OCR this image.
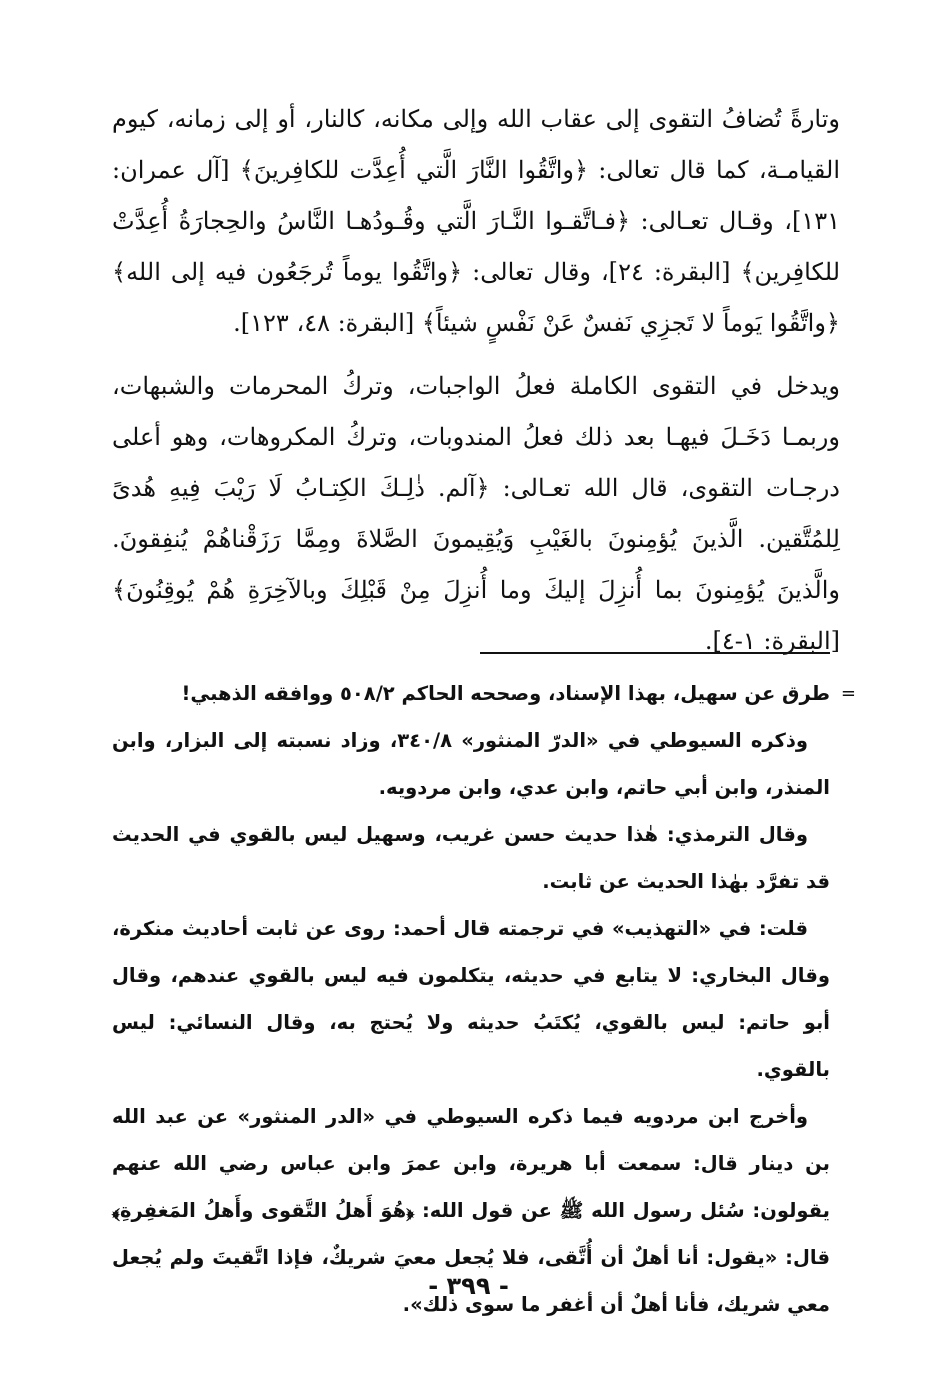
وتارةً تُضافُ التقوى إلى عقاب الله وإلى مكانه، كالنار، أو إلى زمانه، كيوم القيامـة، كما قال تعالى: ﴿واتَّقُوا النَّارَ الَّتي أُعِدَّت للكافِرينَ﴾ [آل عمران: ١٣١]، وقـال تعـالى: ﴿فـاتَّقـوا النَّـارَ الَّتي وقُـودُهـا النَّاسُ والحِجارَةُ أُعِدَّتْ للكافِرين﴾ [البقرة: ٢٤]، وقال تعالى: ﴿واتَّقُوا يوماً تُرجَعُون فيه إلى الله﴾ ﴿واتَّقُوا يَوماً لا تَجزِي نَفسٌ عَنْ نَفْسٍ شيئاً﴾ [البقرة: ٤٨، ١٢٣].

ويدخل في التقوى الكاملة فعلُ الواجبات، وتركُ المحرمات والشبهات، وربمـا دَخَـلَ فيهـا بعد ذلك فعلُ المندوبات، وتركُ المكروهات، وهو أعلى درجـات التقوى، قال الله تعـالى: ﴿آلم. ذٰلِـكَ الكِتـابُ لَا رَيْبَ فِيهِ هُدىً لِلمُتَّقين. الَّذينَ يُؤمِنونَ بالغَيْبِ وَيُقِيمونَ الصَّلاةَ ومِمَّا رَزَقْناهُمْ يُنفِقونَ. والَّذينَ يُؤمِنونَ بما أُنزِلَ إليكَ وما أُنزِلَ مِنْ قَبْلِكَ وبالآخِرَةِ هُمْ يُوقِنُونَ﴾ [البقرة: ١-٤].

=
طرق عن سهيل، بهذا الإسناد، وصححه الحاكم ٥٠٨/٢ ووافقه الذهبي!

وذكره السيوطي في «الدرّ المنثور» ٣٤٠/٨، وزاد نسبته إلى البزار، وابن المنذر، وابن أبي حاتم، وابن عدي، وابن مردويه.

وقال الترمذي: هٰذا حديث حسن غريب، وسهيل ليس بالقوي في الحديث قد تفرَّد بهٰذا الحديث عن ثابت.

قلت: في «التهذيب» في ترجمته قال أحمد: روى عن ثابت أحاديث منكرة، وقال البخاري: لا يتابع في حديثه، يتكلمون فيه ليس بالقوي عندهم، وقال أبو حاتم: ليس بالقوي، يُكتَبُ حديثه ولا يُحتج به، وقال النسائي: ليس بالقوي.

وأخرج ابن مردويه فيما ذكره السيوطي في «الدر المنثور» عن عبد الله بن دينار قال: سمعت أبا هريرة، وابن عمرَ وابن عباس رضي الله عنهم يقولون: سُئل رسول الله ﷺ عن قول الله: ﴿هُوَ أَهلُ التَّقوى وأَهلُ المَغفِرةِ﴾ قال: «يقول: أنا أهلٌ أن أُتَّقى، فلا يُجعل معيَ شريكٌ، فإذا اتَّقيتَ ولم يُجعل معي شريك، فأنا أهلٌ أن أغفر ما سوى ذلك».

- ٣٩٩ -
